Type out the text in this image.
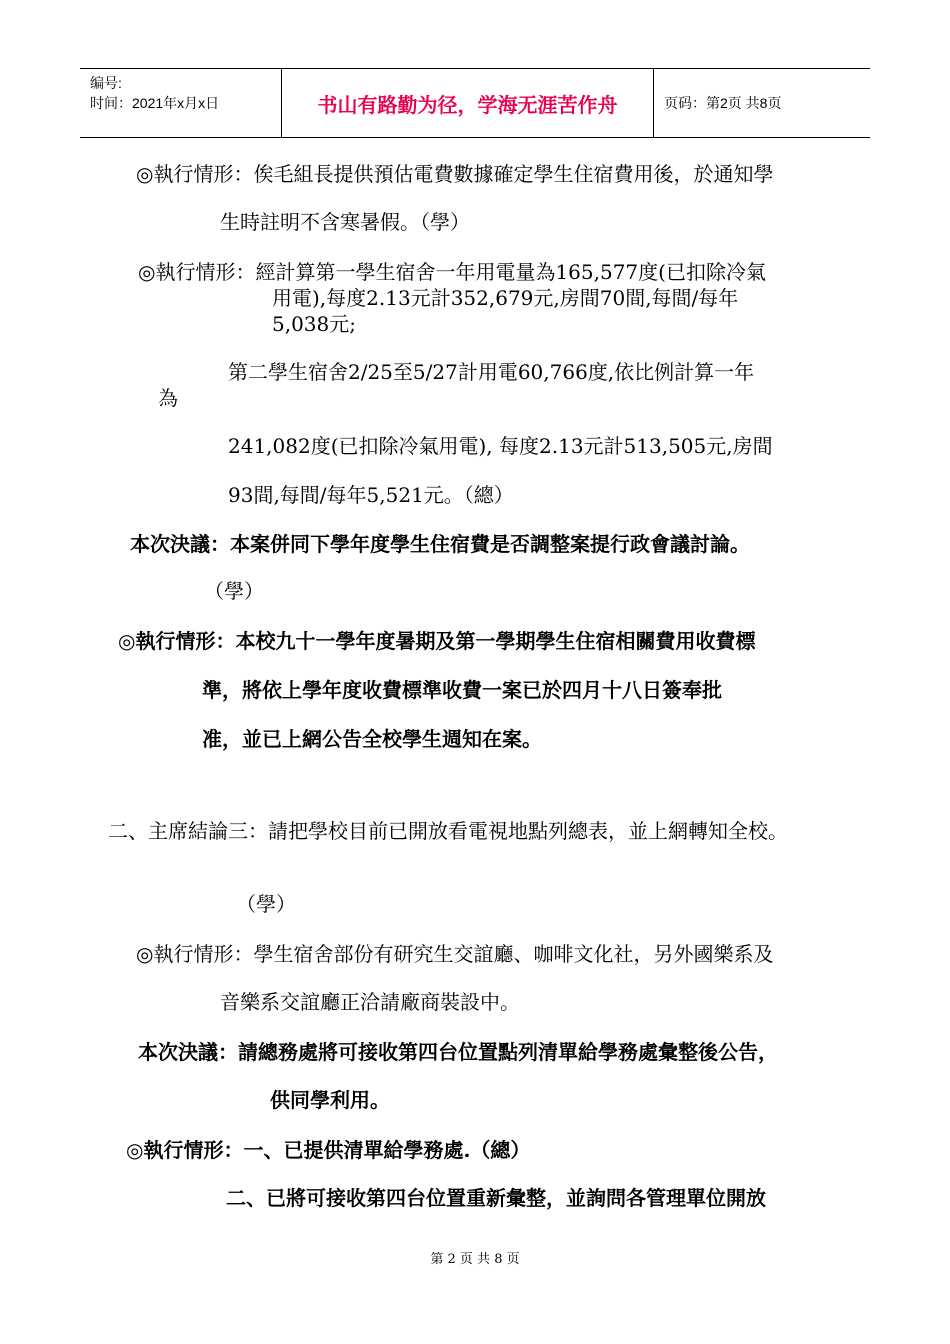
编号:
时间：2021年x月x日	书山有路勤为径，学海无涯苦作舟	页码：第2页 共8页
◎執行情形：俟毛組長提供預估電費數據確定學生住宿費用後，於通知學
生時註明不含寒暑假。（學）
◎執行情形：經計算第一學生宿舍一年用電量為165,577度(已扣除冷氣
用電),每度2.13元計352,679元,房間70間,每間/每年
5,038元;
第二學生宿舍2/25至5/27計用電60,766度,依比例計算一年
為
241,082度(已扣除冷氣用電), 每度2.13元計513,505元,房間
93間,每間/每年5,521元。（總）
本次決議：本案併同下學年度學生住宿費是否調整案提行政會議討論。
（學）
◎執行情形：本校九十一學年度暑期及第一學期學生住宿相關費用收費標
準，將依上學年度收費標準收費一案已於四月十八日簽奉批
准，並已上網公告全校學生週知在案。
二、主席結論三：請把學校目前已開放看電視地點列總表，並上網轉知全校。
（學）
◎執行情形：學生宿舍部份有研究生交誼廳、咖啡文化社，另外國樂系及
音樂系交誼廳正洽請廠商裝設中。
本次決議：請總務處將可接收第四台位置點列清單給學務處彙整後公告，
供同學利用。
◎執行情形：一、已提供清單給學務處.（總）
二、已將可接收第四台位置重新彙整，並詢問各管理單位開放
第 2 页 共 8 页
